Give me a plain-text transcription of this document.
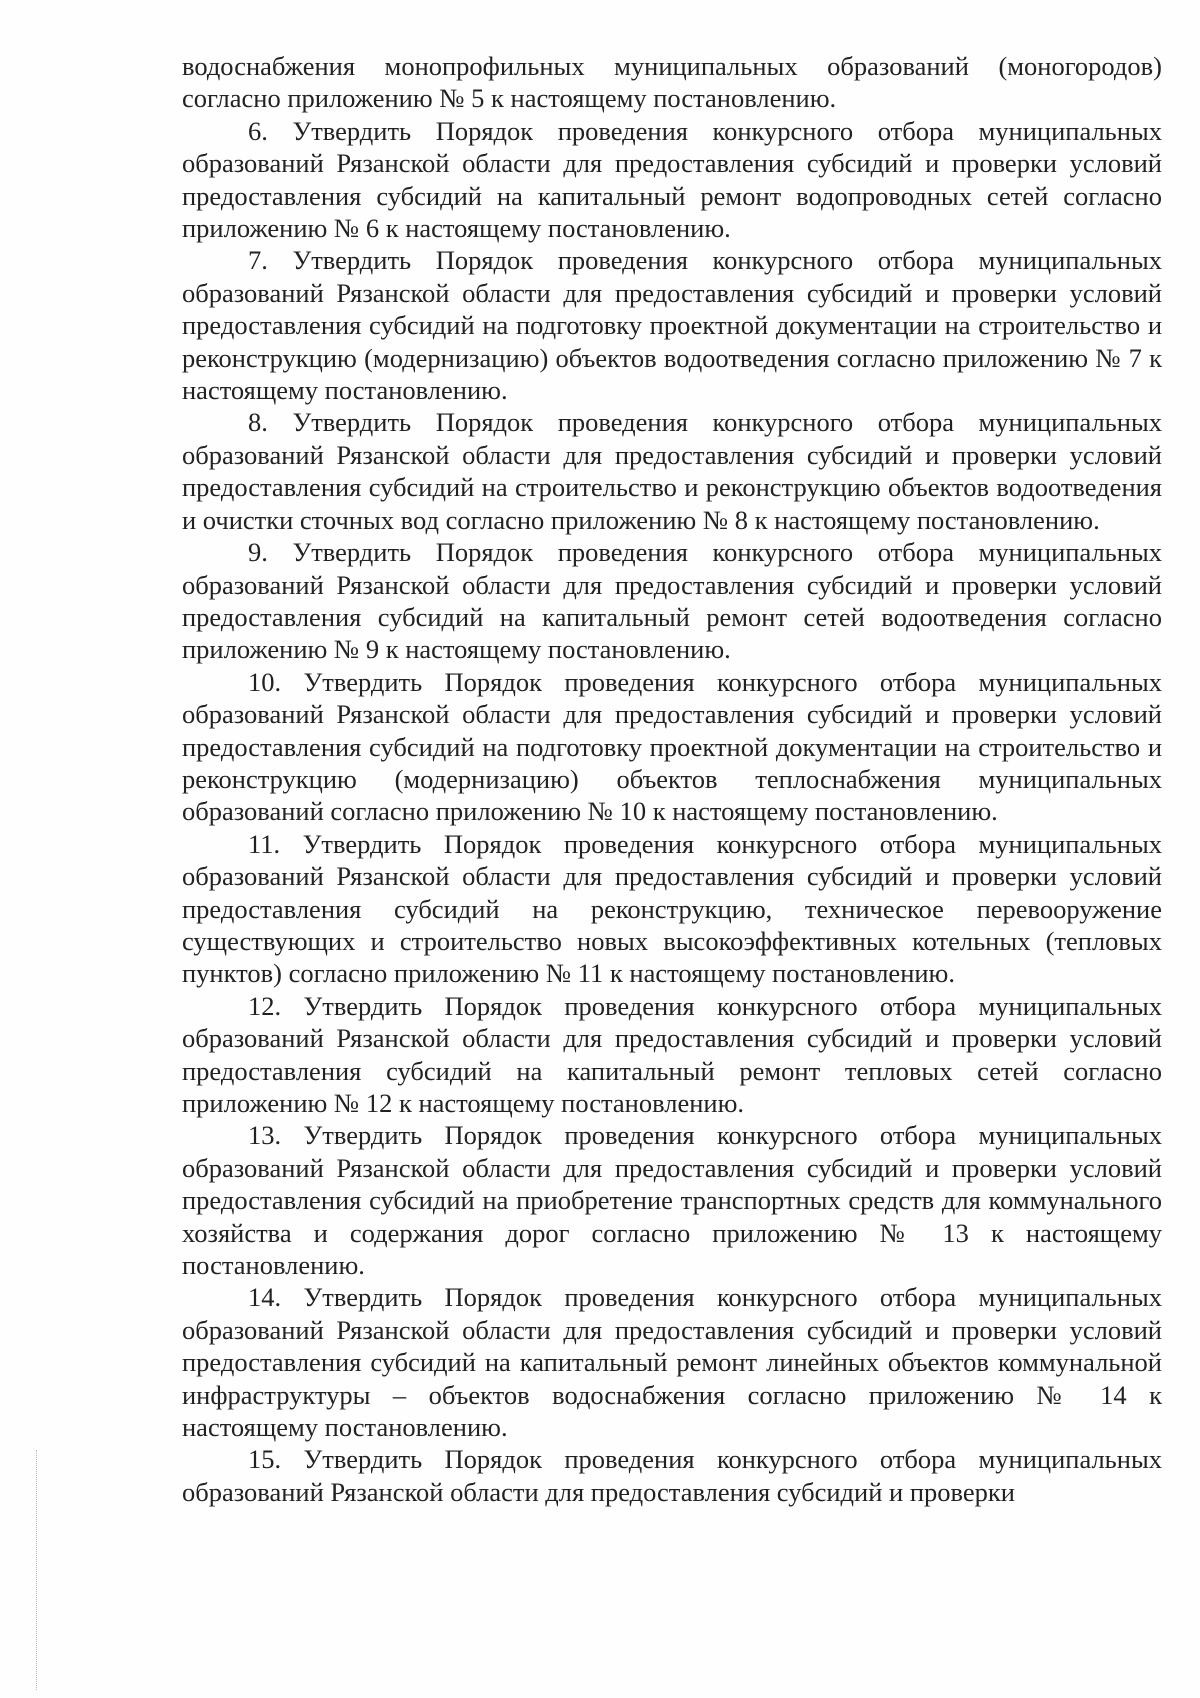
водоснабжения монопрофильных муниципальных образований (моногородов) согласно приложению № 5 к настоящему постановлению.

6. Утвердить Порядок проведения конкурсного отбора муниципальных образований Рязанской области для предоставления субсидий и проверки условий предоставления субсидий на капитальный ремонт водопроводных сетей согласно приложению № 6 к настоящему постановлению.

7. Утвердить Порядок проведения конкурсного отбора муниципальных образований Рязанской области для предоставления субсидий и проверки условий предоставления субсидий на подготовку проектной документации на строительство и реконструкцию (модернизацию) объектов водоотведения согласно приложению № 7 к настоящему постановлению.

8. Утвердить Порядок проведения конкурсного отбора муниципальных образований Рязанской области для предоставления субсидий и проверки условий предоставления субсидий на строительство и реконструкцию объектов водоотведения и очистки сточных вод согласно приложению № 8 к настоящему постановлению.

9. Утвердить Порядок проведения конкурсного отбора муниципальных образований Рязанской области для предоставления субсидий и проверки условий предоставления субсидий на капитальный ремонт сетей водоотведения согласно приложению № 9 к настоящему постановлению.

10. Утвердить Порядок проведения конкурсного отбора муниципальных образований Рязанской области для предоставления субсидий и проверки условий предоставления субсидий на подготовку проектной документации на строительство и реконструкцию (модернизацию) объектов теплоснабжения муниципальных образований согласно приложению № 10 к настоящему постановлению.

11. Утвердить Порядок проведения конкурсного отбора муниципальных образований Рязанской области для предоставления субсидий и проверки условий предоставления субсидий на реконструкцию, техническое перевооружение существующих и строительство новых высокоэффективных котельных (тепловых пунктов) согласно приложению № 11 к настоящему постановлению.

12. Утвердить Порядок проведения конкурсного отбора муниципальных образований Рязанской области для предоставления субсидий и проверки условий предоставления субсидий на капитальный ремонт тепловых сетей согласно приложению № 12 к настоящему постановлению.

13. Утвердить Порядок проведения конкурсного отбора муниципальных образований Рязанской области для предоставления субсидий и проверки условий предоставления субсидий на приобретение транспортных средств для коммунального хозяйства и содержания дорог согласно приложению № 13 к настоящему постановлению.

14. Утвердить Порядок проведения конкурсного отбора муниципальных образований Рязанской области для предоставления субсидий и проверки условий предоставления субсидий на капитальный ремонт линейных объектов коммунальной инфраструктуры – объектов водоснабжения согласно приложению № 14 к настоящему постановлению.

15. Утвердить Порядок проведения конкурсного отбора муниципальных образований Рязанской области для предоставления субсидий и проверки
